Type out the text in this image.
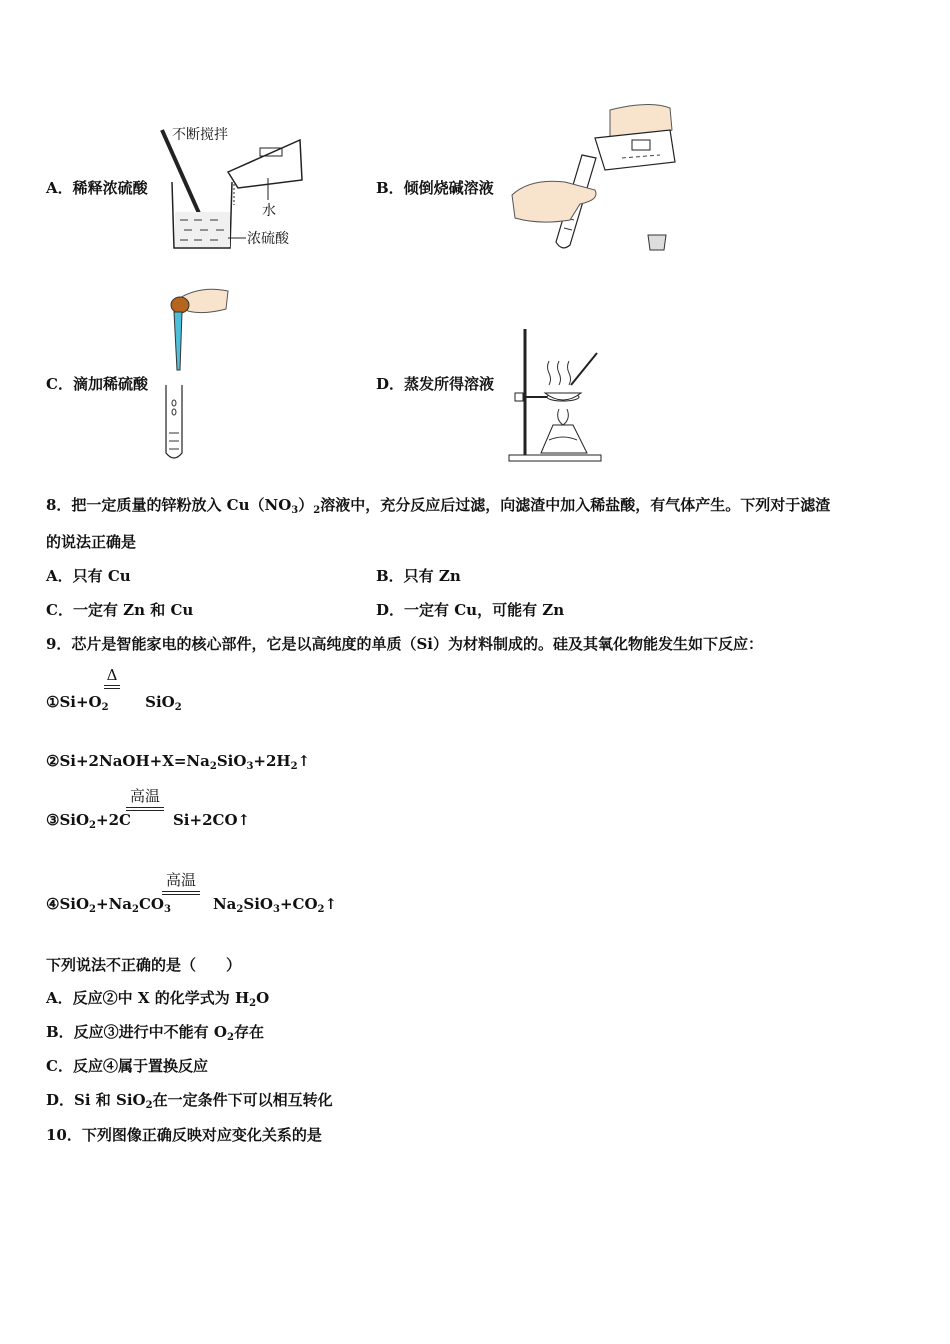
A．稀释浓硫酸	B．倾倒烧碱溶液
C．滴加稀硫酸	D．蒸发所得溶液
不断搅拌
水
浓硫酸
8．把一定质量的锌粉放入 $Cu(NO_3)_2$溶液中，充分反应后过滤，向滤渣中加入稀盐酸，有气体产生。下列对于滤渣
的说法正确是
A．只有 Cu	B．只有 Zn
C．一定有 Zn 和 Cu	D．一定有 Cu，可能有 Zn
9．芯片是智能家电的核心部件，它是以高纯度的单质（Si）为材料制成的。硅及其氧化物能发生如下反应：
$①Si+O_2$       SiO$_2$
Δ
$②Si+2NaOH+X=Na_2SiO_3+2H_2↑$
③SiO$_2$+2C	Si+2CO↑
高温
$④SiO_2+Na_2CO_3$	$Na_2SiO_3+CO_2↑$
高温
下列说法不正确的是（　　）
A．反应②中 X 的化学式为 $H_2O$
B．反应③进行中不能有 $O_2$存在
C．反应④属于置换反应
D．Si 和 SiO$_2$在一定条件下可以相互转化
10．下列图像正确反映对应变化关系的是
